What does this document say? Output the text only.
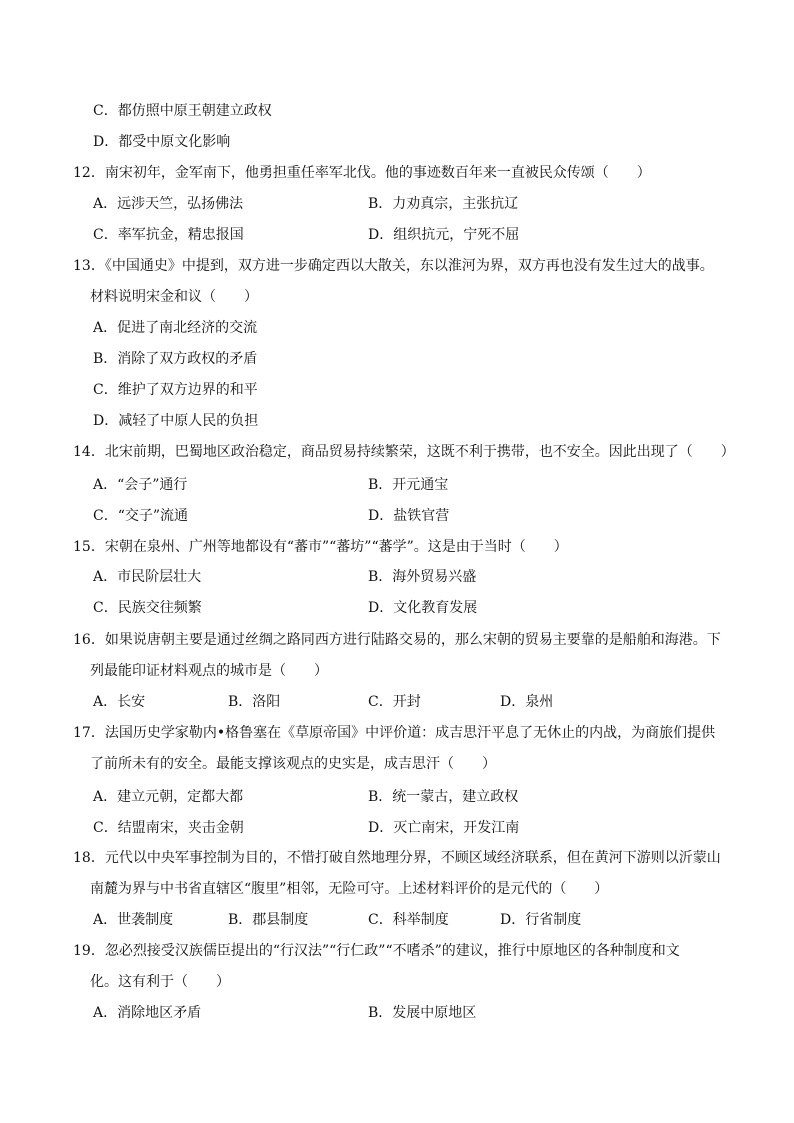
C．都仿照中原王朝建立政权
D．都受中原文化影响
12．南宋初年，金军南下，他勇担重任率军北伐。他的事迹数百年来一直被民众传颂（　　）
A．远涉天竺，弘扬佛法	B．力劝真宗，主张抗辽
C．率军抗金，精忠报国	D．组织抗元，宁死不屈
13．《中国通史》中提到，双方进一步确定西以大散关，东以淮河为界，双方再也没有发生过大的战事。
材料说明宋金和议（　　）
A．促进了南北经济的交流
B．消除了双方政权的矛盾
C．维护了双方边界的和平
D．减轻了中原人民的负担
14．北宋前期，巴蜀地区政治稳定，商品贸易持续繁荣，这既不利于携带，也不安全。因此出现了（　　）
A．“会子”通行	B．开元通宝
C．“交子”流通	D．盐铁官营
15．宋朝在泉州、广州等地都设有“蕃市”“蕃坊”“蕃学”。这是由于当时（　　）
A．市民阶层壮大	B．海外贸易兴盛
C．民族交往频繁	D．文化教育发展
16．如果说唐朝主要是通过丝绸之路同西方进行陆路交易的，那么宋朝的贸易主要靠的是船舶和海港。下
列最能印证材料观点的城市是（　　）
A．长安	B．洛阳	C．开封	D．泉州
17．法国历史学家勒内•格鲁塞在《草原帝国》中评价道：成吉思汗平息了无休止的内战，为商旅们提供
了前所未有的安全。最能支撑该观点的史实是，成吉思汗（　　）
A．建立元朝，定都大都	B．统一蒙古，建立政权
C．结盟南宋，夹击金朝	D．灭亡南宋，开发江南
18．元代以中央军事控制为目的，不惜打破自然地理分界，不顾区域经济联系，但在黄河下游则以沂蒙山
南麓为界与中书省直辖区“腹里”相邻，无险可守。上述材料评价的是元代的（　　）
A．世袭制度	B．郡县制度	C．科举制度	D．行省制度
19．忽必烈接受汉族儒臣提出的“行汉法”“行仁政”“不嗜杀”的建议，推行中原地区的各种制度和文
化。这有利于（　　）
A．消除地区矛盾	B．发展中原地区
